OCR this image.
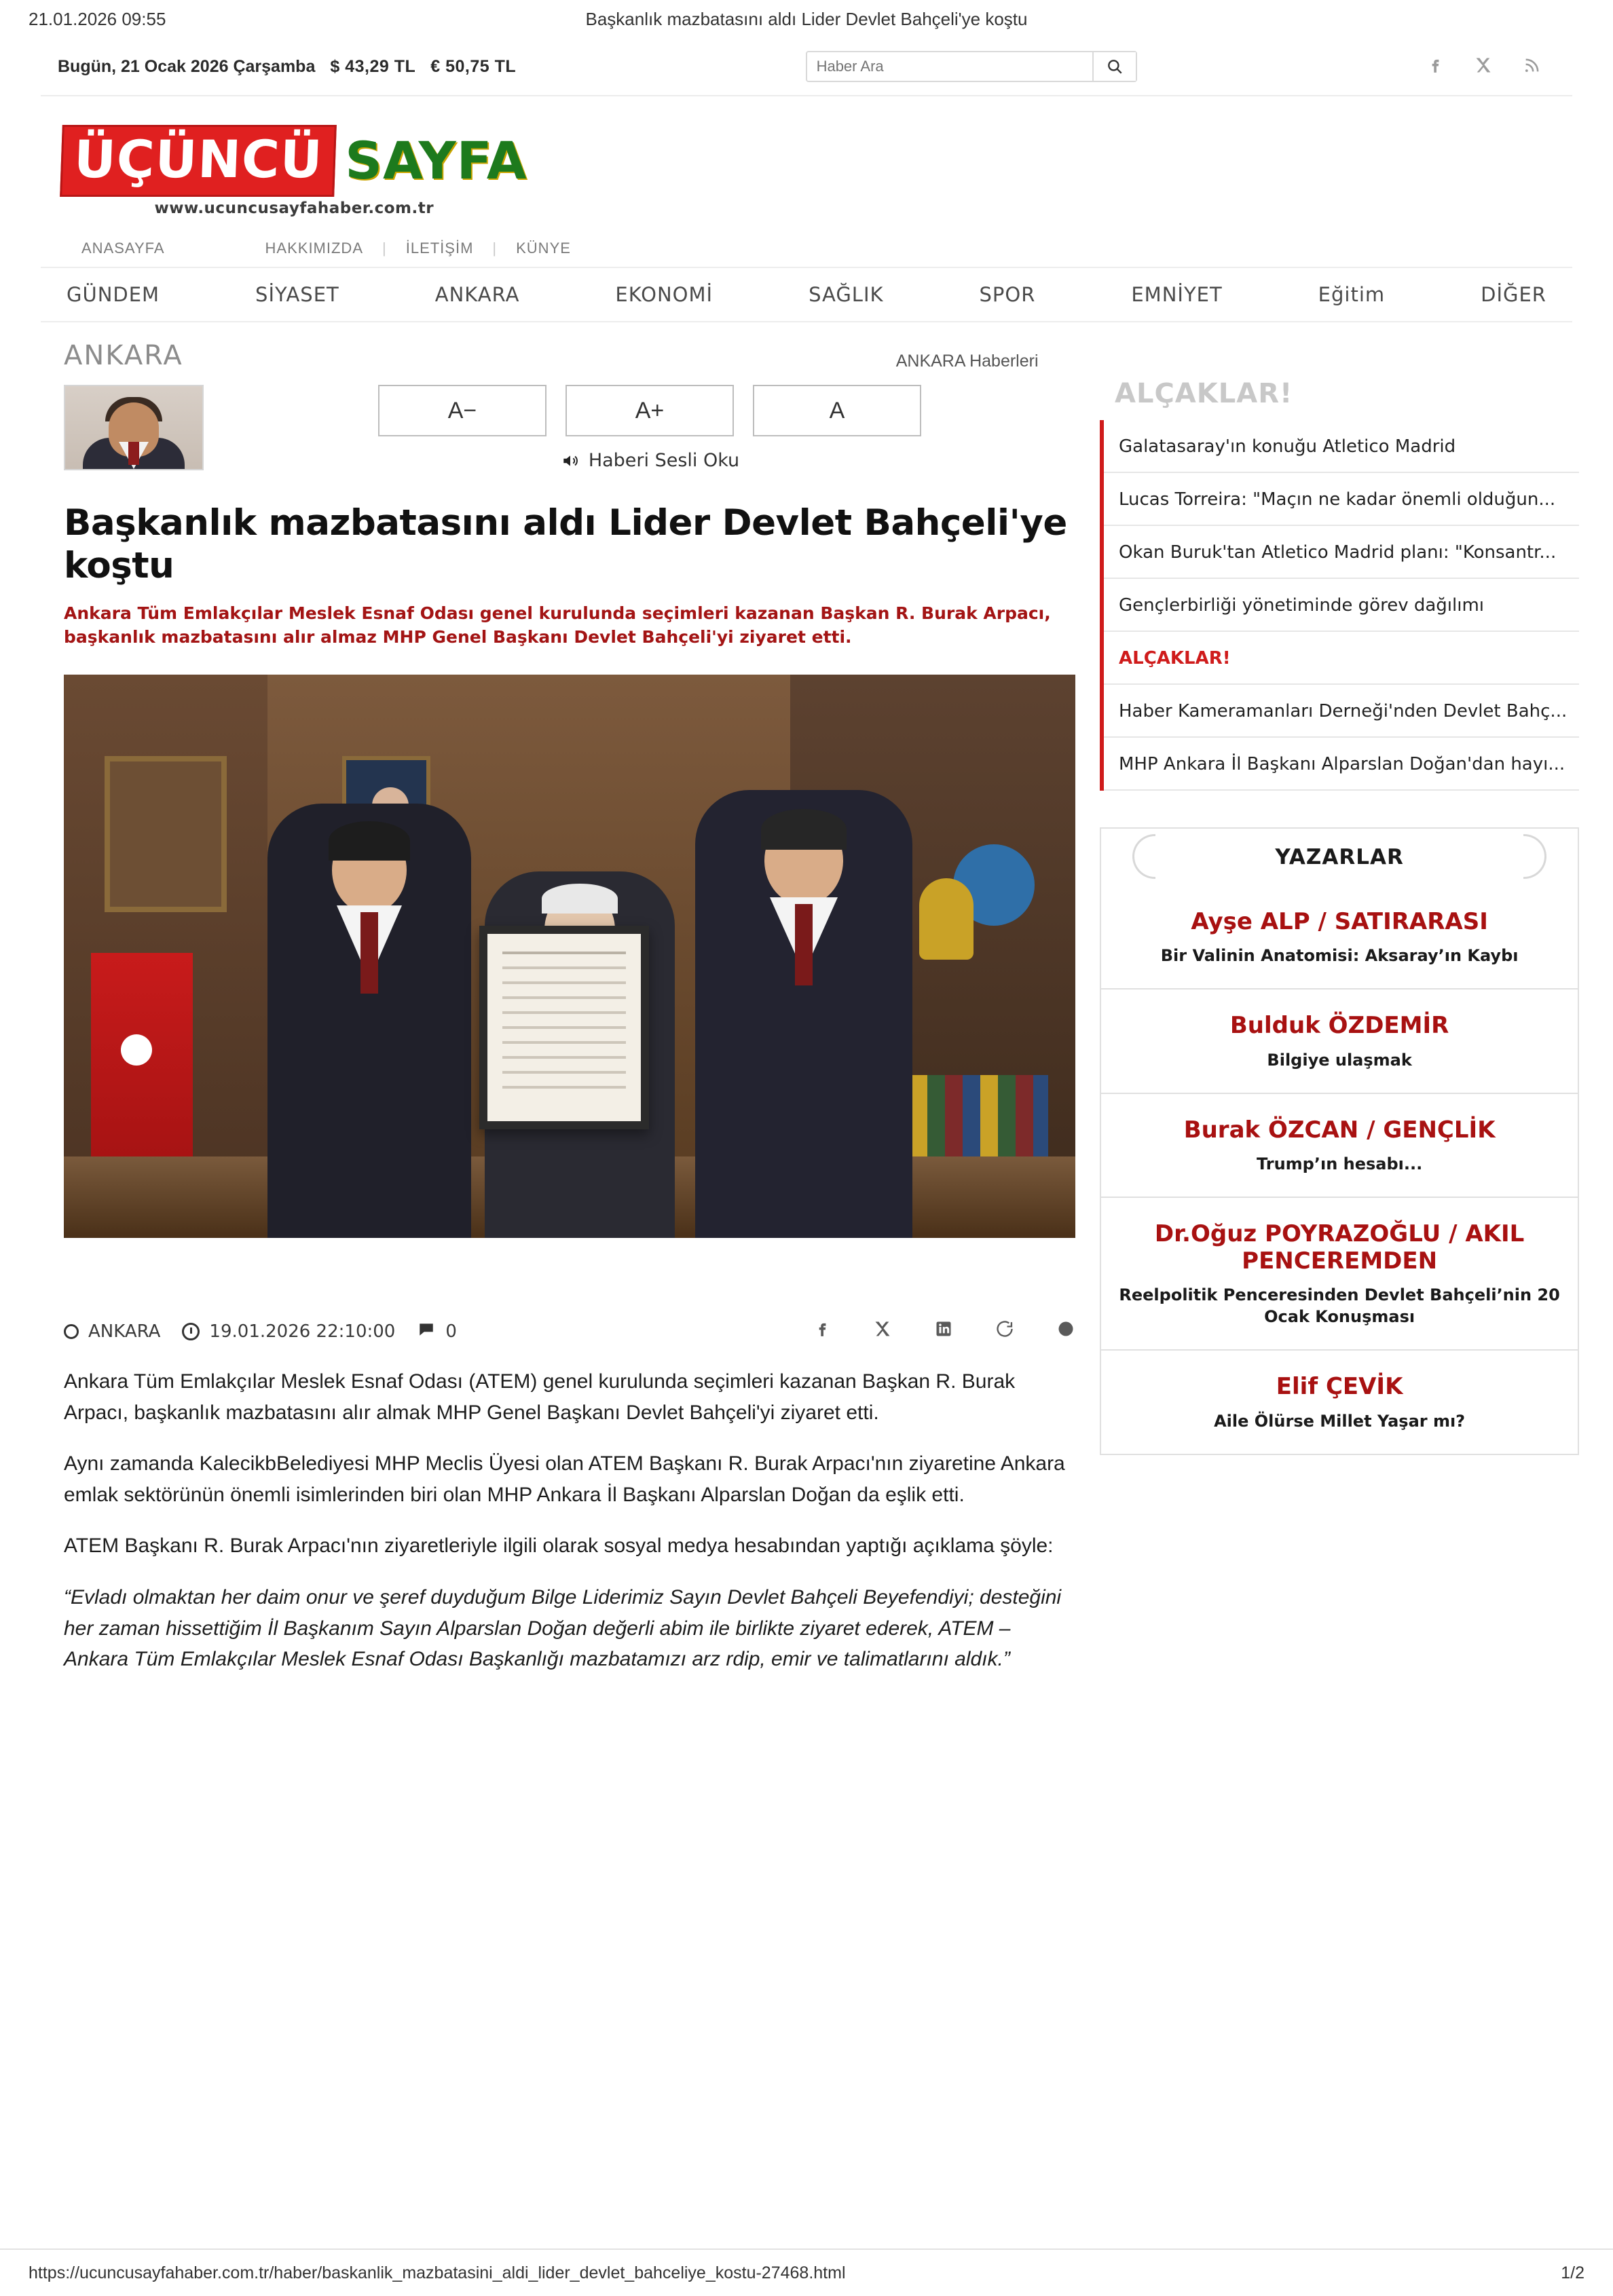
21.01.2026 09:55	Başkanlık mazbatasını aldı Lider Devlet Bahçeli'ye koştu
Bugün, 21 Ocak 2026 Çarşamba $ 43,29 TL € 50,75 TL
Haber Ara
ÜÇÜNCÜ SAYFA
www.ucuncusayfahaber.com.tr
ANASAYFA	HAKKIMIZDA	|	İLETİŞİM	|	KÜNYE
GÜNDEM	SİYASET	ANKARA	EKONOMİ	SAĞLIK	SPOR	EMNİYET	Eğitim	DİĞER
ANKARA	ANKARA Haberleri
A−	A+	A
Haberi Sesli Oku
Başkanlık mazbatasını aldı Lider Devlet Bahçeli'ye koştu
Ankara Tüm Emlakçılar Meslek Esnaf Odası genel kurulunda seçimleri kazanan Başkan R. Burak Arpacı, başkanlık mazbatasını alır almaz MHP Genel Başkanı Devlet Bahçeli'yi ziyaret etti.
ANKARA	19.01.2026 22:10:00	0

Ankara Tüm Emlakçılar Meslek Esnaf Odası (ATEM) genel kurulunda seçimleri kazanan Başkan R. Burak Arpacı, başkanlık mazbatasını alır almak MHP Genel Başkanı Devlet Bahçeli'yi ziyaret etti.

Aynı zamanda KalecikbBelediyesi MHP Meclis Üyesi olan ATEM Başkanı R. Burak Arpacı'nın ziyaretine Ankara emlak sektörünün önemli isimlerinden biri olan MHP Ankara İl Başkanı Alparslan Doğan da eşlik etti.

ATEM Başkanı R. Burak Arpacı'nın ziyaretleriyle ilgili olarak sosyal medya hesabından yaptığı açıklama şöyle:

“Evladı olmaktan her daim onur ve şeref duyduğum Bilge Liderimiz Sayın Devlet Bahçeli Beyefendiyi; desteğini her zaman hissettiğim İl Başkanım Sayın Alparslan Doğan değerli abim ile birlikte ziyaret ederek, ATEM – Ankara Tüm Emlakçılar Meslek Esnaf Odası Başkanlığı mazbatamızı arz rdip, emir ve talimatlarını aldık.”

ALÇAKLAR!
Galatasaray'ın konuğu Atletico Madrid
Lucas Torreira: "Maçın ne kadar önemli olduğun...
Okan Buruk'tan Atletico Madrid planı: "Konsantr...
Gençlerbirliği yönetiminde görev dağılımı
ALÇAKLAR!
Haber Kameramanları Derneği'nden Devlet Bahç...
MHP Ankara İl Başkanı Alparslan Doğan'dan hayı...
YAZARLAR
Ayşe ALP / SATIRARASI
Bir Valinin Anatomisi: Aksaray’ın Kaybı
Bulduk ÖZDEMİR
Bilgiye ulaşmak
Burak ÖZCAN / GENÇLİK
Trump’ın hesabı...
Dr.Oğuz POYRAZOĞLU / AKIL PENCEREMDEN
Reelpolitik Penceresinden Devlet Bahçeli’nin 20 Ocak Konuşması
Elif ÇEVİK
Aile Ölürse Millet Yaşar mı?
https://ucuncusayfahaber.com.tr/haber/baskanlik_mazbatasini_aldi_lider_devlet_bahceliye_kostu-27468.html	1/2
